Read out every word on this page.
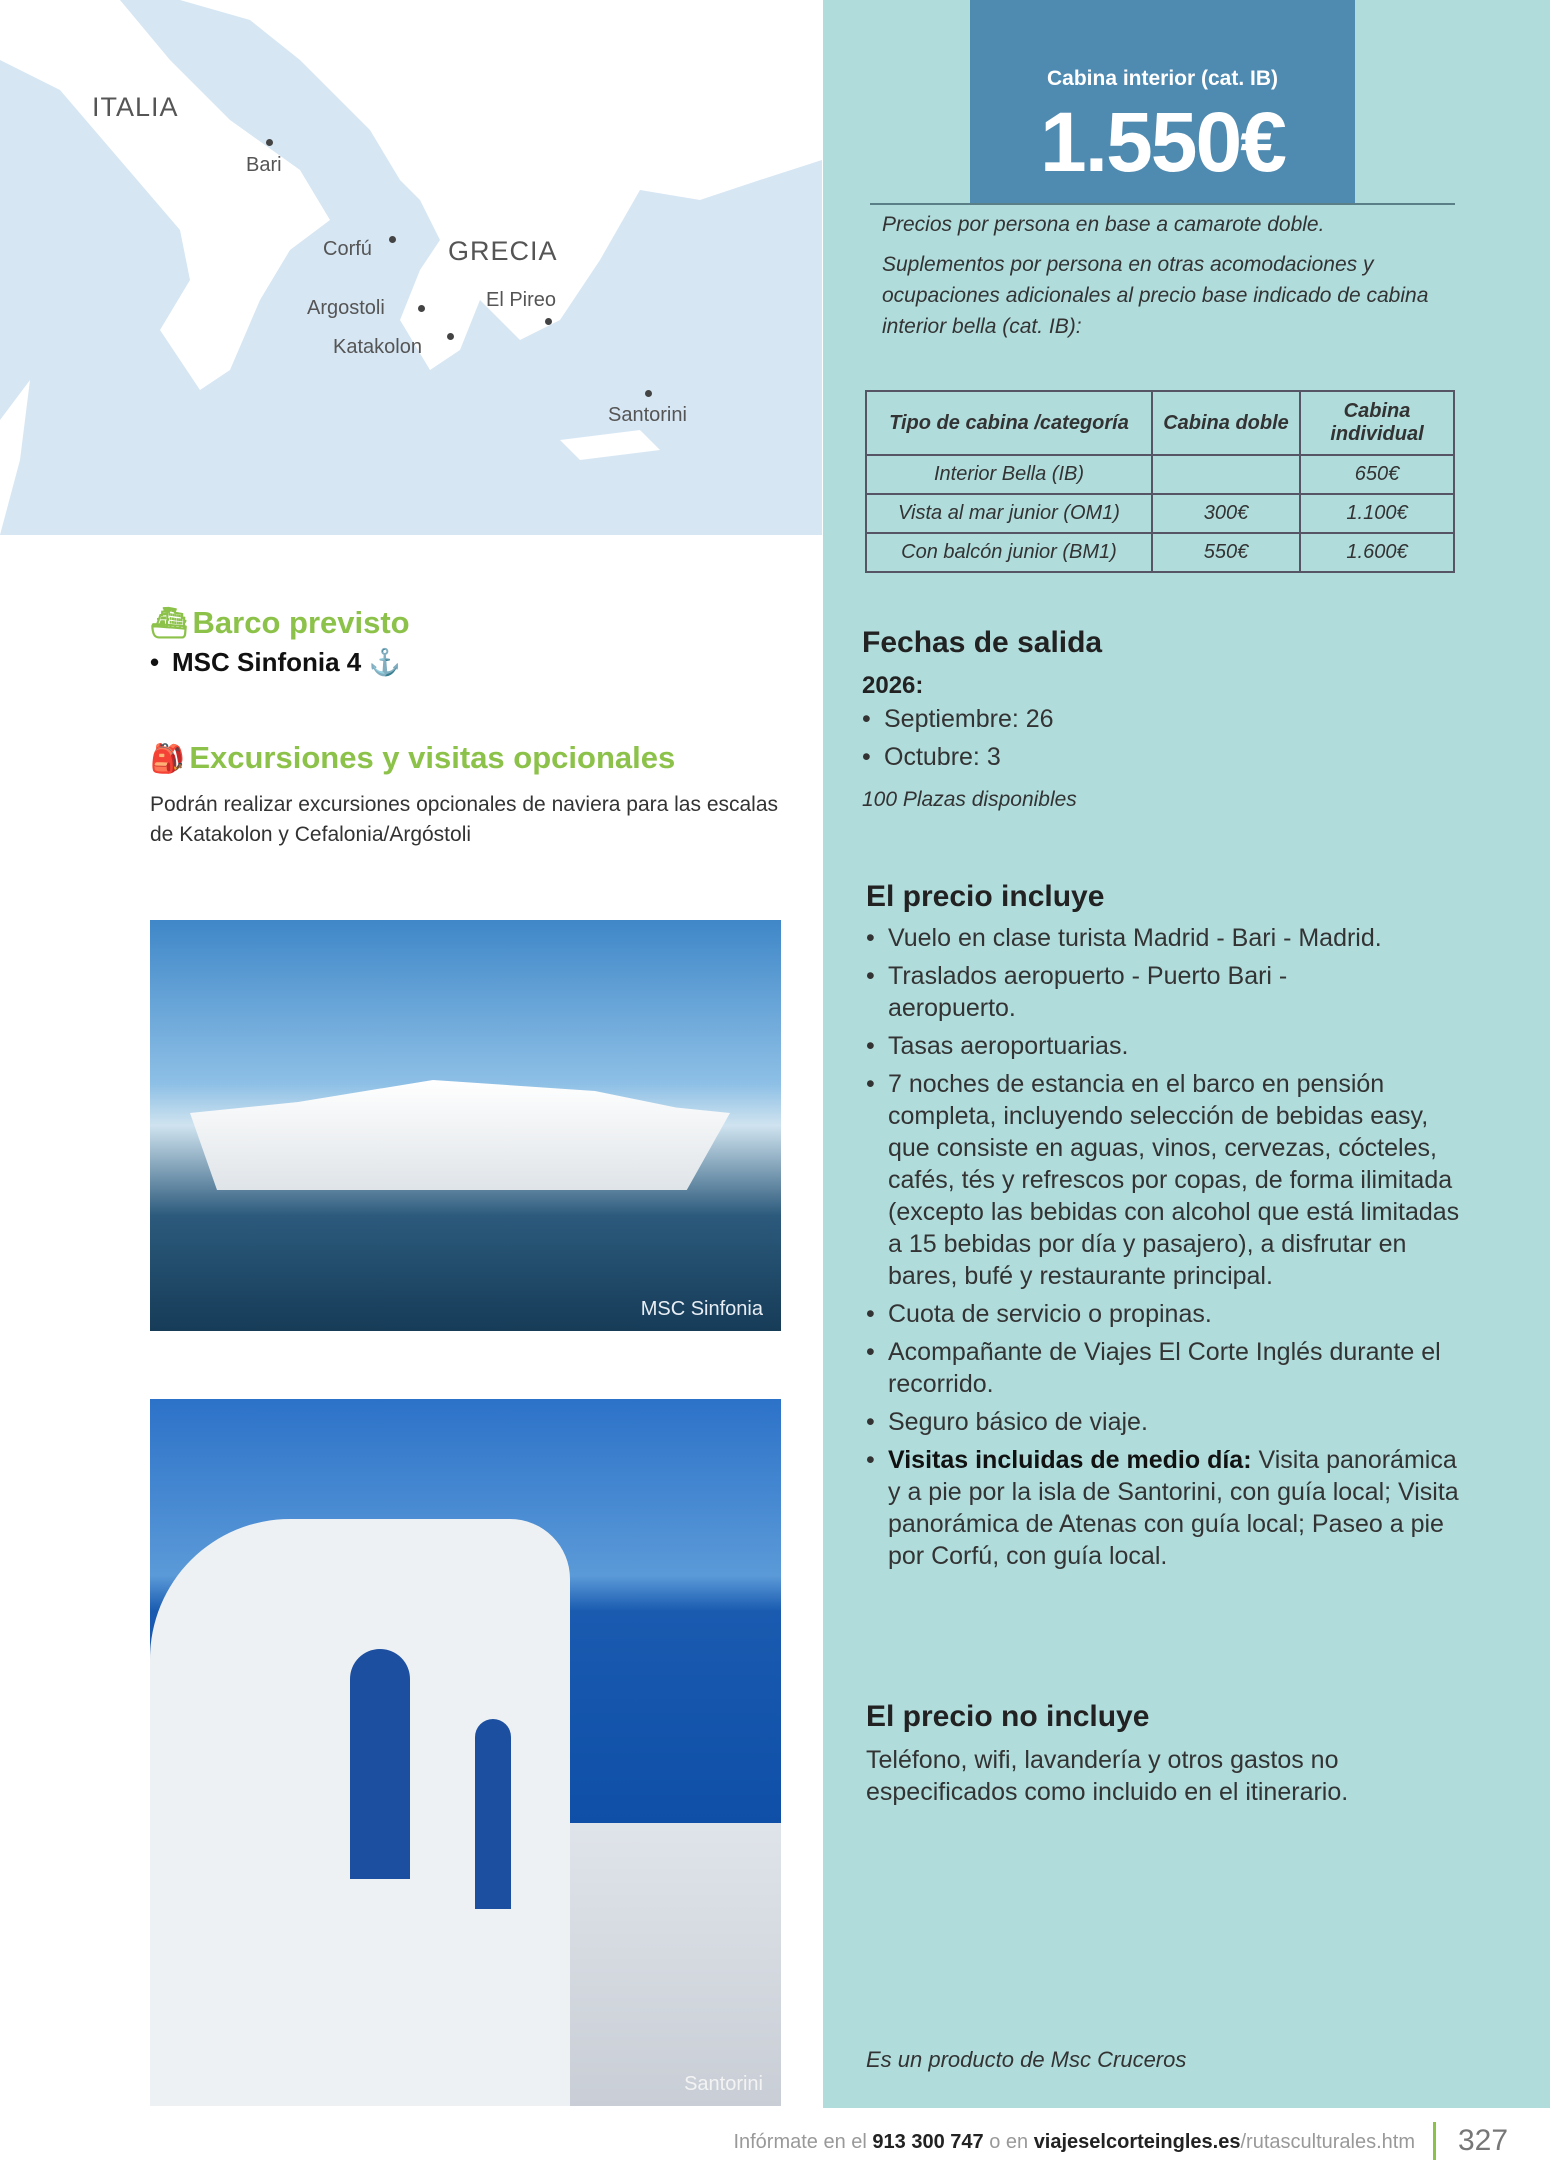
ITALIA
GRECIA
Bari
Corfú
Argostoli
Katakolon
El Pireo
Santorini
Cabina interior (cat. IB)
1.550€
Precios por persona en base a camarote doble.
Suplementos por persona en otras acomodaciones y ocupaciones adicionales al precio base indicado de cabina interior bella (cat. IB):
Tipo de cabina /categoría	Cabina doble	Cabina individual
Interior Bella (IB)		650€
Vista al mar junior (OM1)	300€	1.100€
Con balcón junior (BM1)	550€	1.600€
⛴ Barco previsto
• MSC Sinfonia 4 ⚓
🎒 Excursiones y visitas opcionales

Podrán realizar excursiones opcionales de naviera para las escalas de Katakolon y Cefalonia/Argóstoli

MSC Sinfonia
Santorini
Fechas de salida
2026:
• Septiembre: 26
• Octubre: 3
100 Plazas disponibles
El precio incluye
• Vuelo en clase turista Madrid - Bari - Madrid.
• Traslados aeropuerto - Puerto Bari - aeropuerto.
• Tasas aeroportuarias.
• 7 noches de estancia en el barco en pensión completa, incluyendo selección de bebidas easy, que consiste en aguas, vinos, cervezas, cócteles, cafés, tés y refrescos por copas, de forma ilimitada (excepto las bebidas con alcohol que está limitadas a 15 bebidas por día y pasajero), a disfrutar en bares, bufé y restaurante principal.
• Cuota de servicio o propinas.
• Acompañante de Viajes El Corte Inglés durante el recorrido.
• Seguro básico de viaje.
• Visitas incluidas de medio día: Visita panorámica y a pie por la isla de Santorini, con guía local; Visita panorámica de Atenas con guía local; Paseo a pie por Corfú, con guía local.
El precio no incluye

Teléfono, wifi, lavandería y otros gastos no especificados como incluido en el itinerario.

Es un producto de Msc Cruceros
Infórmate en el 913 300 747 o en viajeselcorteingles.es/rutasculturales.htm 327
